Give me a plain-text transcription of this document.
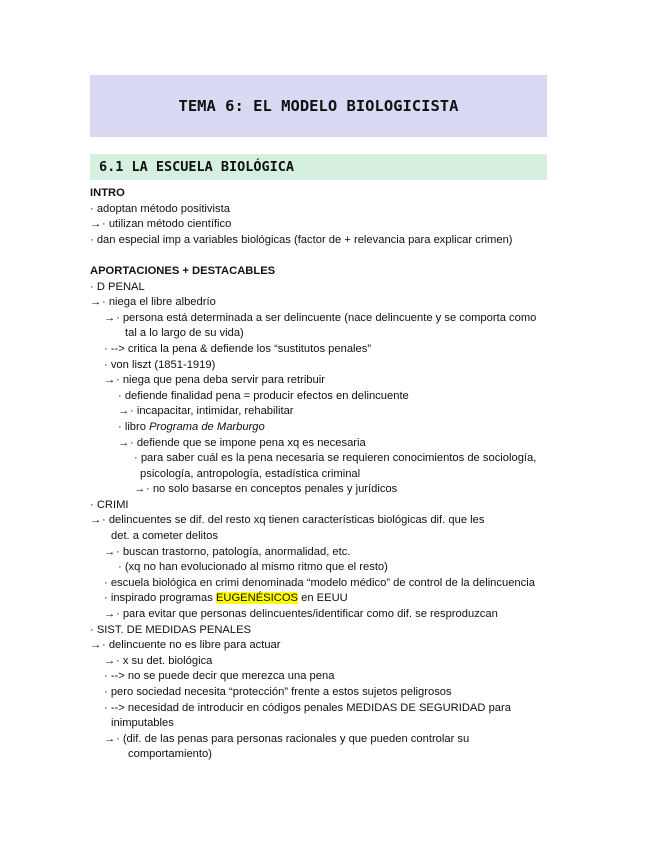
TEMA 6: EL MODELO BIOLOGICISTA
6.1 LA ESCUELA BIOLÓGICA
INTRO
· adoptan método positivista
→· utilizan método científico
· dan especial imp a variables biológicas (factor de + relevancia para explicar crimen)
APORTACIONES + DESTACABLES
· D PENAL
→· niega el libre albedrío
→· persona está determinada a ser delincuente (nace delincuente y se comporta como
tal a lo largo de su vida)
· --> critica la pena & defiende los “sustitutos penales”
· von liszt (1851-1919)
→· niega que pena deba servir para retribuir
· defiende finalidad pena = producir efectos en delincuente
→· incapacitar, intimidar, rehabilitar
· libro Programa de Marburgo
→· defiende que se impone pena xq es necesaria
· para saber cuál es la pena necesaria se requieren conocimientos de sociología,
psicología, antropología, estadística criminal
→· no solo basarse en conceptos penales y jurídicos
· CRIMI
→· delincuentes se dif. del resto xq tienen características biológicas dif. que les
det. a cometer delitos
→· buscan trastorno, patología, anormalidad, etc.
· (xq no han evolucionado al mismo ritmo que el resto)
· escuela biológica en crimi denominada “modelo médico” de control de la delincuencia
· inspirado programas EUGENÉSICOS en EEUU
→· para evitar que personas delincuentes/identificar como dif. se resproduzcan
· SIST. DE MEDIDAS PENALES
→· delincuente no es libre para actuar
→· x su det. biológica
· --> no se puede decir que merezca una pena
· pero sociedad necesita “protección” frente a estos sujetos peligrosos
· --> necesidad de introducir en códigos penales MEDIDAS DE SEGURIDAD para
inimputables
→· (dif. de las penas para personas racionales y que pueden controlar su
comportamiento)
